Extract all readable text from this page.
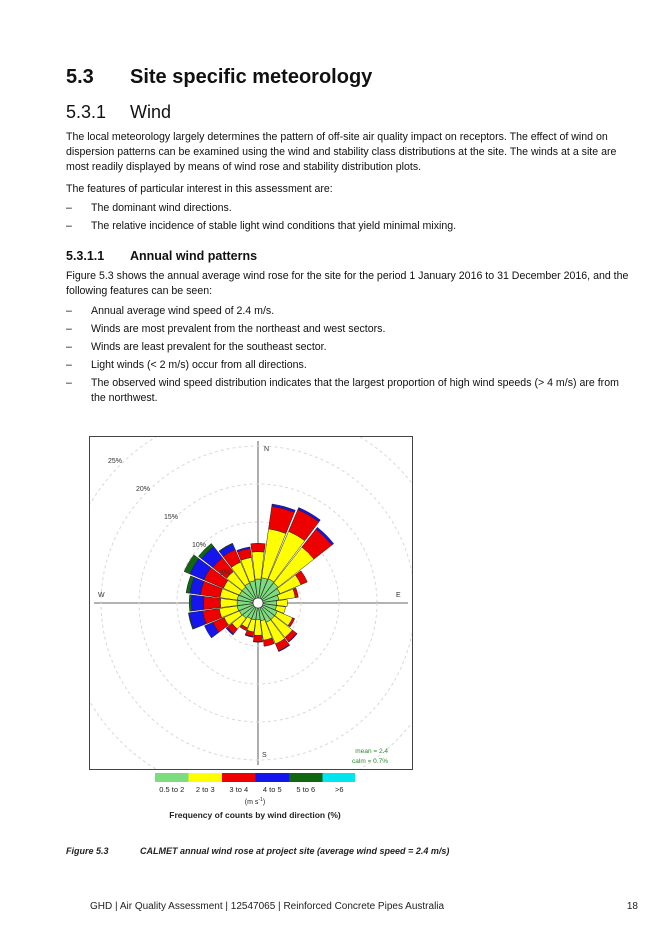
5.3 Site specific meteorology
5.3.1 Wind
The local meteorology largely determines the pattern of off-site air quality impact on receptors. The effect of wind on dispersion patterns can be examined using the wind and stability class distributions at the site. The winds at a site are most readily displayed by means of wind rose and stability distribution plots.
The features of particular interest in this assessment are:
– The dominant wind directions.
– The relative incidence of stable light wind conditions that yield minimal mixing.
5.3.1.1 Annual wind patterns
Figure 5.3 shows the annual average wind rose for the site for the period 1 January 2016 to 31 December 2016, and the following features can be seen:
– Annual average wind speed of 2.4 m/s.
– Winds are most prevalent from the northeast and west sectors.
– Winds are least prevalent for the southeast sector.
– Light winds (< 2 m/s) occur from all directions.
– The observed wind speed distribution indicates that the largest proportion of high wind speeds (> 4 m/s) are from the northwest.
25%
20%
15%
10%
5%
N
E
S
W
mean = 2.4
calm = 0.7%
0.5 to 2 2 to 3 3 to 4 4 to 5 5 to 6	>6
(m $s^{-1}$)
Frequency of counts by wind direction (%)
Figure 5.3	CALMET annual wind rose at project site (average wind speed = 2.4 m/s)
GHD | Air Quality Assessment | 12547065 | Reinforced Concrete Pipes Australia	18
